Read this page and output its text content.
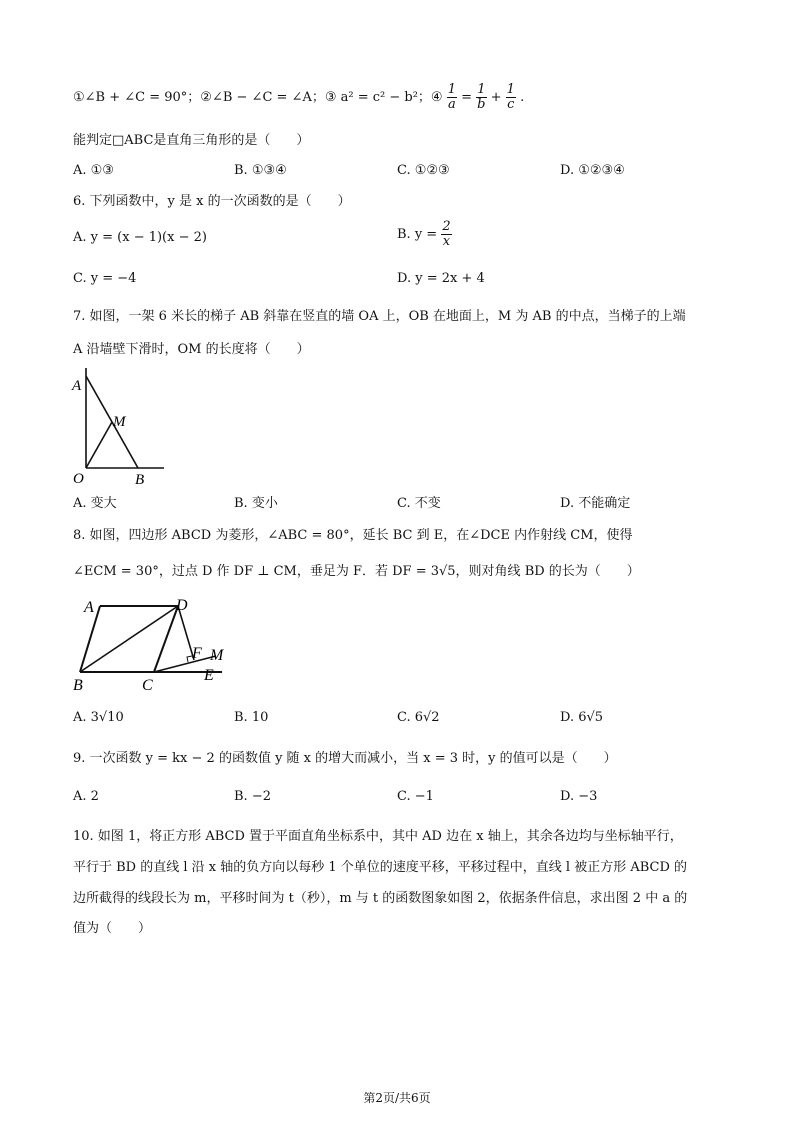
①∠B + ∠C = 90°；②∠B − ∠C = ∠A；③ a² = c² − b²；④ $\frac{1}{a} = \frac{1}{b} + \frac{1}{c}$ .
能判定□ABC是直角三角形的是（　　）
A. ①③	B. ①③④	C. ①②③	D. ①②③④
6. 下列函数中，y 是 x 的一次函数的是（　　）
A. y = (x − 1)(x − 2)	B. $y = \frac{2}{x}$
C. y = −4	D. y = 2x + 4
7. 如图，一架 6 米长的梯子 AB 斜靠在竖直的墙 OA 上，OB 在地面上，M 为 AB 的中点，当梯子的上端
A 沿墙壁下滑时，OM 的长度将（　　）
A
M
O	B
A. 变大	B. 变小	C. 不变	D. 不能确定
8. 如图，四边形 ABCD 为菱形，∠ABC = 80°，延长 BC 到 E，在∠DCE 内作射线 CM，使得
∠ECM = 30°，过点 D 作 DF ⊥ CM，垂足为 F．若 DF = 3√5，则对角线 BD 的长为（　　）
A	D
F M
B	C
E
A. 3√10	B. 10	C. 6√2	D. 6√5
9. 一次函数 y = kx − 2 的函数值 y 随 x 的增大而减小，当 x = 3 时，y 的值可以是（　　）
A. 2	B. −2	C. −1	D. −3
10. 如图 1，将正方形 ABCD 置于平面直角坐标系中，其中 AD 边在 x 轴上，其余各边均与坐标轴平行，
平行于 BD 的直线 l 沿 x 轴的负方向以每秒 1 个单位的速度平移，平移过程中，直线 l 被正方形 ABCD 的
边所截得的线段长为 m，平移时间为 t（秒），m 与 t 的函数图象如图 2，依据条件信息，求出图 2 中 a 的
值为（　　）
第2页/共6页
